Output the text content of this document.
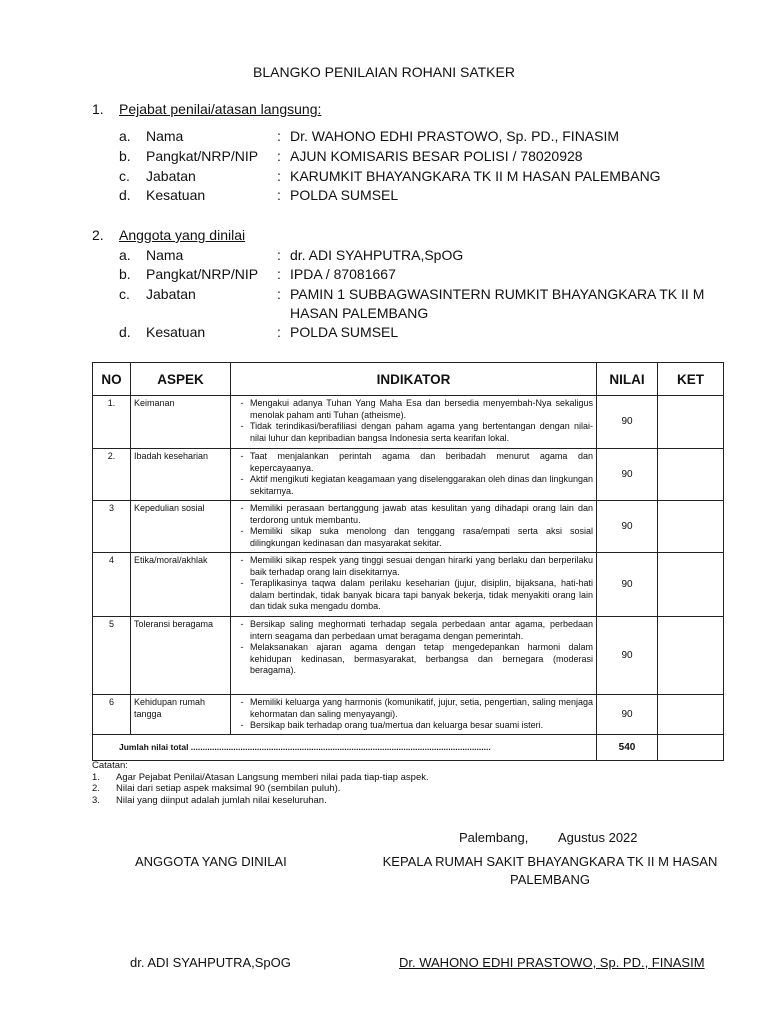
BLANGKO PENILAIAN ROHANI SATKER
1. Pejabat penilai/atasan langsung:
a.	Nama	: Dr. WAHONO EDHI PRASTOWO, Sp. PD., FINASIM
b.	Pangkat/NRP/NIP	: AJUN KOMISARIS BESAR POLISI / 78020928
c.	Jabatan	: KARUMKIT BHAYANGKARA TK II M HASAN PALEMBANG
d.	Kesatuan	: POLDA SUMSEL
2. Anggota yang dinilai
a.	Nama	: dr. ADI SYAHPUTRA,SpOG
b.	Pangkat/NRP/NIP	: IPDA / 87081667
c.	Jabatan	: PAMIN 1 SUBBAGWASINTERN RUMKIT BHAYANGKARA TK II M HASAN PALEMBANG
d.	Kesatuan	: POLDA SUMSEL
NO	ASPEK	INDIKATOR	NILAI	KET
1.	Keimanan	- Mengakui adanya Tuhan Yang Maha Esa dan bersedia menyembah-Nya sekaligus menolak paham anti Tuhan (atheisme).
- Tidak terindikasi/berafiliasi dengan paham agama yang bertentangan dengan nilai-nilai luhur dan kepribadian bangsa Indonesia serta kearifan lokal.	90	
2.	Ibadah keseharian	- Taat menjalankan perintah agama dan beribadah menurut agama dan kepercayaanya.
- Aktif mengikuti kegiatan keagamaan yang diselenggarakan oleh dinas dan lingkungan sekitarnya.	90	
3	Kepedulian sosial	- Memiliki perasaan bertanggung jawab atas kesulitan yang dihadapi orang lain dan terdorong untuk membantu.
- Memiliki sikap suka menolong dan tenggang rasa/empati serta aksi sosial dilingkungan kedinasan dan masyarakat sekitar.	90	
4	Etika/moral/akhlak	- Memiliki sikap respek yang tinggi sesuai dengan hirarki yang berlaku dan berperilaku baik terhadap orang lain disekitarnya.
- Teraplikasinya taqwa dalam perilaku keseharian (jujur, disiplin, bijaksana, hati-hati dalam bertindak, tidak banyak bicara tapi banyak bekerja, tidak menyakiti orang lain dan tidak suka mengadu domba.	90	
5	Toleransi beragama	- Bersikap saling meghormati terhadap segala perbedaan antar agama, perbedaan intern seagama dan perbedaan umat beragama dengan pemerintah.
- Melaksanakan ajaran agama dengan tetap mengedepankan harmoni dalam kehidupan kedinasan, bermasyarakat, berbangsa dan bernegara (moderasi beragama).	90	
6	Kehidupan rumah tangga	- Memiliki keluarga yang harmonis (komunikatif, jujur, setia, pengertian, saling menjaga kehormatan dan saling menyayangi).
- Bersikap baik terhadap orang tua/mertua dan keluarga besar suami isteri.	90	
Jumlah nilai total ...............................................................................................................................			540	
Catatan:
1.	Agar Pejabat Penilai/Atasan Langsung memberi nilai pada tiap-tiap aspek.
2.	Nilai dari setiap aspek maksimal 90 (sembilan puluh).
3.	Nilai yang diinput adalah jumlah nilai keseluruhan.
Palembang, Agustus 2022
ANGGOTA YANG DINILAI	KEPALA RUMAH SAKIT BHAYANGKARA TK II M HASAN
PALEMBANG
dr. ADI SYAHPUTRA,SpOG	Dr. WAHONO EDHI PRASTOWO, Sp. PD., FINASIM
